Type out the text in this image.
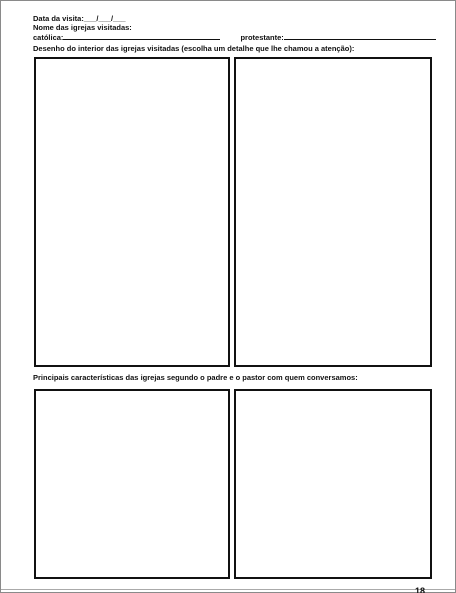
Data da visita:___/___/___
Nome das igrejas visitadas:
católica:	protestante:
Desenho do interior das igrejas visitadas (escolha um detalhe que lhe chamou a atenção):
Principais características das igrejas segundo o padre e o pastor com quem conversamos:
18
